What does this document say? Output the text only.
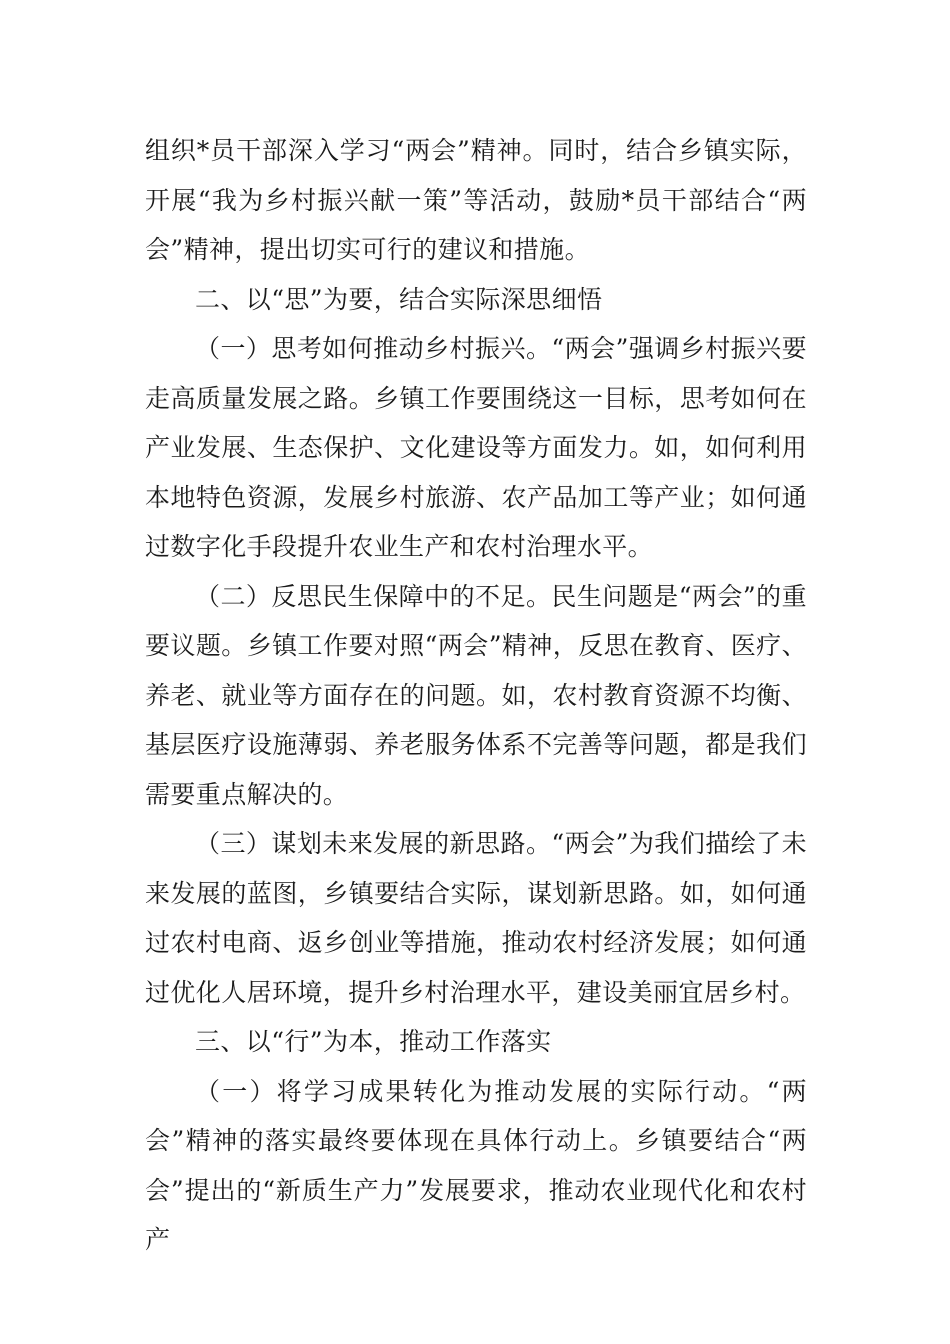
组织*员干部深入学习“两会”精神。同时，结合乡镇实际，开展“我为乡村振兴献一策”等活动，鼓励*员干部结合“两会”精神，提出切实可行的建议和措施。

二、以“思”为要，结合实际深思细悟

（一）思考如何推动乡村振兴。“两会”强调乡村振兴要走高质量发展之路。乡镇工作要围绕这一目标，思考如何在产业发展、生态保护、文化建设等方面发力。如，如何利用本地特色资源，发展乡村旅游、农产品加工等产业；如何通过数字化手段提升农业生产和农村治理水平。

（二）反思民生保障中的不足。民生问题是“两会”的重要议题。乡镇工作要对照“两会”精神，反思在教育、医疗、养老、就业等方面存在的问题。如，农村教育资源不均衡、基层医疗设施薄弱、养老服务体系不完善等问题，都是我们需要重点解决的。

（三）谋划未来发展的新思路。“两会”为我们描绘了未来发展的蓝图，乡镇要结合实际，谋划新思路。如，如何通过农村电商、返乡创业等措施，推动农村经济发展；如何通过优化人居环境，提升乡村治理水平，建设美丽宜居乡村。

三、以“行”为本，推动工作落实

（一）将学习成果转化为推动发展的实际行动。“两会”精神的落实最终要体现在具体行动上。乡镇要结合“两会”提出的“新质生产力”发展要求，推动农业现代化和农村产
